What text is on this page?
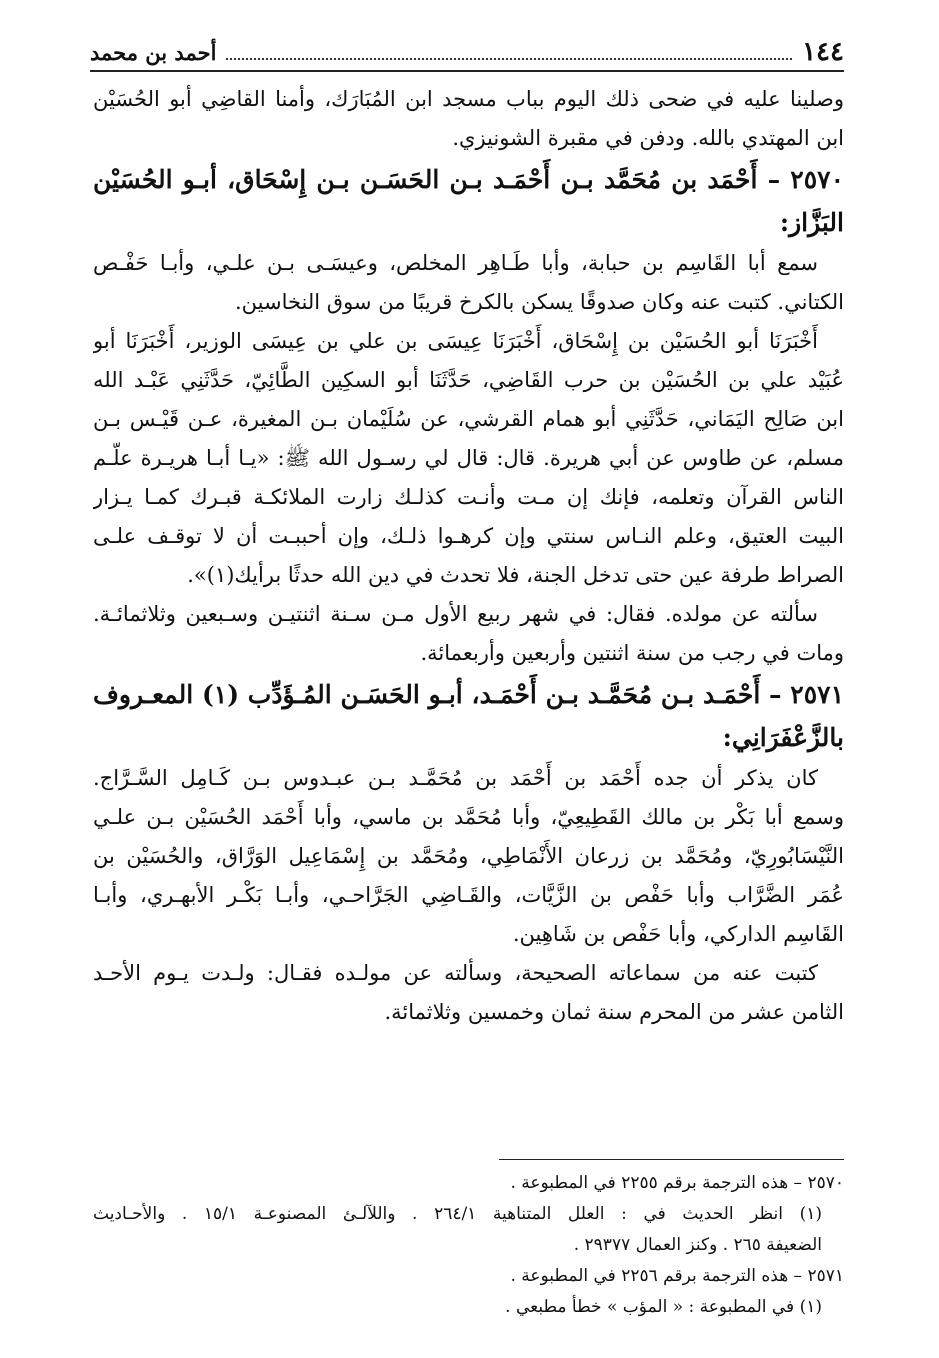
١٤٤
أحمد بن محمد
وصلينا عليه في ضحى ذلك اليوم بباب مسجد ابن المُبَارَك، وأمنا القاضِي أبو الحُسَيْن
ابن المهتدي بالله. ودفن في مقبرة الشونيزي.
٢٥٧٠ – أَحْمَد بن مُحَمَّد بـن أَحْمَـد بـن الحَسَـن بـن إِسْحَاق، أبـو الحُسَيْن
البَزَّاز:
سمع أبا القَاسِم بن حبابة، وأبا طَـاهِر المخلص، وعيسَـى بـن علـي، وأبـا حَفْـص
الكتاني. كتبت عنه وكان صدوقًا يسكن بالكرخ قريبًا من سوق النخاسين.
أَخْبَرَنَا أبو الحُسَيْن بن إِسْحَاق، أَخْبَرَنَا عِيسَى بن علي بن عِيسَى الوزير، أَخْبَرَنَا أبو
عُبَيْد علي بن الحُسَيْن بن حرب القَاضِي، حَدَّثَنَا أبو السكِين الطَّائِيّ، حَدَّثَنِي عَبْـد الله
ابن صَالِح اليَمَاني، حَدَّثَنِي أبو همام القرشي، عن سُلَيْمان بـن المغيرة، عـن قَيْـس بـن
مسلم، عن طاوس عن أبي هريرة. قال: قال لي رسـول الله ﷺ: «يـا أبـا هريـرة علّـم
الناس القرآن وتعلمه، فإنك إن مـت وأنـت كذلـك زارت الملائكـة قبـرك كمـا يـزار
البيت العتيق، وعلم النـاس سنتي وإن كرهـوا ذلـك، وإن أحببـت أن لا توقـف علـى
الصراط طرفة عين حتى تدخل الجنة، فلا تحدث في دين الله حدثًا برأيك(١)».
سألته عن مولده. فقال: في شهر ربيع الأول مـن سـنة اثنتيـن وسـبعين وثلاثمائـة.
ومات في رجب من سنة اثنتين وأربعين وأربعمائة.
٢٥٧١ – أَحْمَـد بـن مُحَمَّـد بـن أَحْمَـد، أبـو الحَسَـن المُـؤَدِّب (١) المعـروف
بالزَّعْفَرَانِي:
كان يذكر أن جده أَحْمَد بن أَحْمَد بن مُحَمَّـد بـن عبـدوس بـن كَـامِل السَّـرَّاج.
وسمع أبا بَكْر بن مالك القَطِيعِيّ، وأبا مُحَمَّد بن ماسي، وأبا أَحْمَد الحُسَيْن بـن علـي
النَّيْسَابُورِيّ، ومُحَمَّد بن زرعان الأَنْمَاطِي، ومُحَمَّد بن إِسْمَاعِيل الوَرَّاق، والحُسَيْن بن
عُمَر الضَّرَّاب وأبا حَفْص بن الزَّيَّات، والقَـاضِي الجَرَّاحـي، وأبـا بَكْـر الأبهـري، وأبـا
القَاسِم الداركي، وأبا حَفْص بن شَاهِين.
كتبت عنه من سماعاته الصحيحة، وسألته عن مولـده فقـال: ولـدت يـوم الأحـد
الثامن عشر من المحرم سنة ثمان وخمسين وثلاثمائة.
٢٥٧٠ – هذه الترجمة برقم ٢٢٥٥ في المطبوعة .
(١) انظر الحديث في : العلل المتناهية ٢٦٤/١ . واللآلـئ المصنوعـة ١٥/١ . والأحـاديث
الضعيفة ٢٦٥ . وكنز العمال ٢٩٣٧٧ .
٢٥٧١ – هذه الترجمة برقم ٢٢٥٦ في المطبوعة .
(١) في المطبوعة : « المؤب » خطأ مطبعي .
